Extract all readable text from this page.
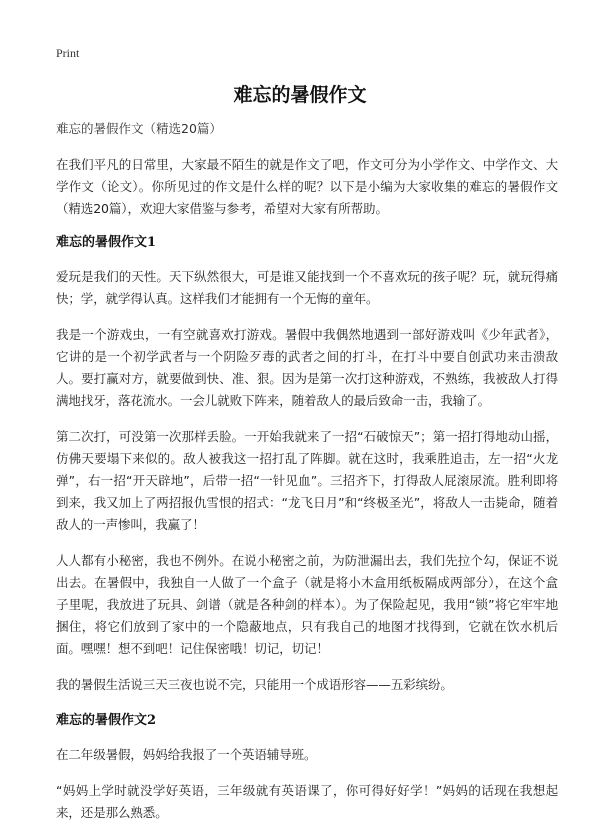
Print
难忘的暑假作文

难忘的暑假作文（精选20篇）

在我们平凡的日常里，大家最不陌生的就是作文了吧，作文可分为小学作文、中学作文、大学作文（论文）。你所见过的作文是什么样的呢？以下是小编为大家收集的难忘的暑假作文（精选20篇），欢迎大家借鉴与参考，希望对大家有所帮助。

难忘的暑假作文1

爱玩是我们的天性。天下纵然很大，可是谁又能找到一个不喜欢玩的孩子呢？玩，就玩得痛快；学，就学得认真。这样我们才能拥有一个无悔的童年。

我是一个游戏虫，一有空就喜欢打游戏。暑假中我偶然地遇到一部好游戏叫《少年武者》，它讲的是一个初学武者与一个阴险歹毒的武者之间的打斗，在打斗中要自创武功来击溃敌人。要打赢对方，就要做到快、准、狠。因为是第一次打这种游戏，不熟练，我被敌人打得满地找牙，落花流水。一会儿就败下阵来，随着敌人的最后致命一击，我输了。

第二次打，可没第一次那样丢脸。一开始我就来了一招“石破惊天”；第一招打得地动山摇，仿佛天要塌下来似的。敌人被我这一招打乱了阵脚。就在这时，我乘胜追击，左一招“火龙弹”，右一招“开天辟地”，后带一招“一针见血”。三招齐下，打得敌人屁滚尿流。胜利即将到来，我又加上了两招报仇雪恨的招式：“龙飞日月”和“终极圣光”，将敌人一击毙命，随着敌人的一声惨叫，我赢了！

人人都有小秘密，我也不例外。在说小秘密之前，为防泄漏出去，我们先拉个勾，保证不说出去。在暑假中，我独自一人做了一个盒子（就是将小木盒用纸板隔成两部分），在这个盒子里呢，我放进了玩具、剑谱（就是各种剑的样本）。为了保险起见，我用“锁”将它牢牢地捆住，将它们放到了家中的一个隐蔽地点，只有我自己的地图才找得到，它就在饮水机后面。嘿嘿！想不到吧！记住保密哦！切记，切记！

我的暑假生活说三天三夜也说不完，只能用一个成语形容——五彩缤纷。

难忘的暑假作文2

在二年级暑假，妈妈给我报了一个英语辅导班。

“妈妈上学时就没学好英语，三年级就有英语课了，你可得好好学！”妈妈的话现在我想起来，还是那么熟悉。
